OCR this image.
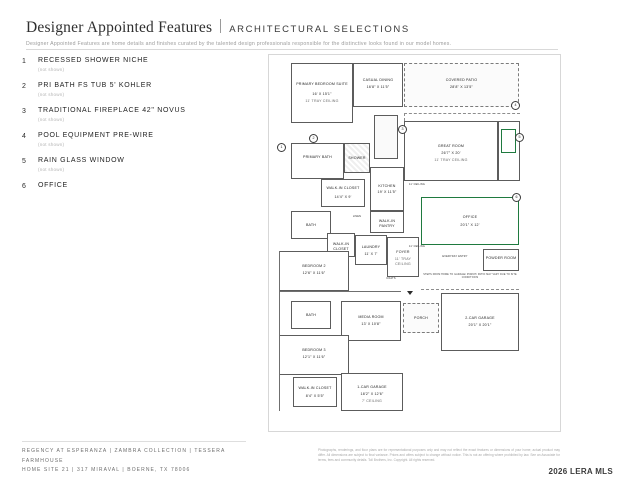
Designer Appointed Features ARCHITECTURAL SELECTIONS
Designer Appointed Features are home details and finishes curated by the talented design professionals responsible for the distinctive looks found in our model homes.
1	RECESSED SHOWER NICHE
(not shown)
2	PRI BATH FS TUB 5' KOHLER
(not shown)
3	TRADITIONAL FIREPLACE 42" NOVUS
(not shown)
4	POOL EQUIPMENT PRE-WIRE
(not shown)
5	RAIN GLASS WINDOW
(not shown)
6	OFFICE
COVERED PATIO
28'8" X 13'5"
PRIMARY BEDROOM SUITE
16' X 15'1"
11' TRAY CEILING
CASUAL DINING
16'8" X 11'5"
GREAT ROOM
26'7" X 20'
11' TRAY CEILING
PRIMARY BATH	SHOWER
KITCHEN
19' X 11'5"
WALK-IN CLOSET
14'4" X 9'
WALK-IN PANTRY
OFFICE
20'1" X 12'
BATH
LAUNDRY
11' X 7'
WALK-IN CLOSET
BEDROOM 2
12'6" X 11'6"
FOYER
11' TRAY CEILING
POWDER ROOM
BATH	MEDIA ROOM
13' X 10'8"
PORCH	2-CAR GARAGE
20'1" X 20'1"
BEDROOM 3
12'1" X 11'6"
WALK-IN CLOSET
8'4" X 5'5"
1-CAR GARAGE
18'2" X 12'6"
7' CEILING
LINEN
COATS
EVERYDAY ENTRY
11' CEILING
11' CEILING
STEPS FROM HOME TO GARAGE/ PORCH/ PATIO MAY VARY DUE TO SITE CONDITIONS
1
2
3
4
5
6
REGENCY AT ESPERANZA | ZAMBRA COLLECTION | TESSERA FARMHOUSE
HOME SITE 21 | 317 MIRAVAL | BOERNE, TX 78006
Photographs, renderings, and floor plans are for representational purposes only and may not reflect the exact features or dimensions of your home; actual product may differ. All dimensions are subject to final variance. Prices and offers subject to change without notice. This is not an offering where prohibited by law. See an Associate for terms, fees and community details. Toll Brothers, Inc. Copyright. All rights reserved.
2026 LERA MLS
